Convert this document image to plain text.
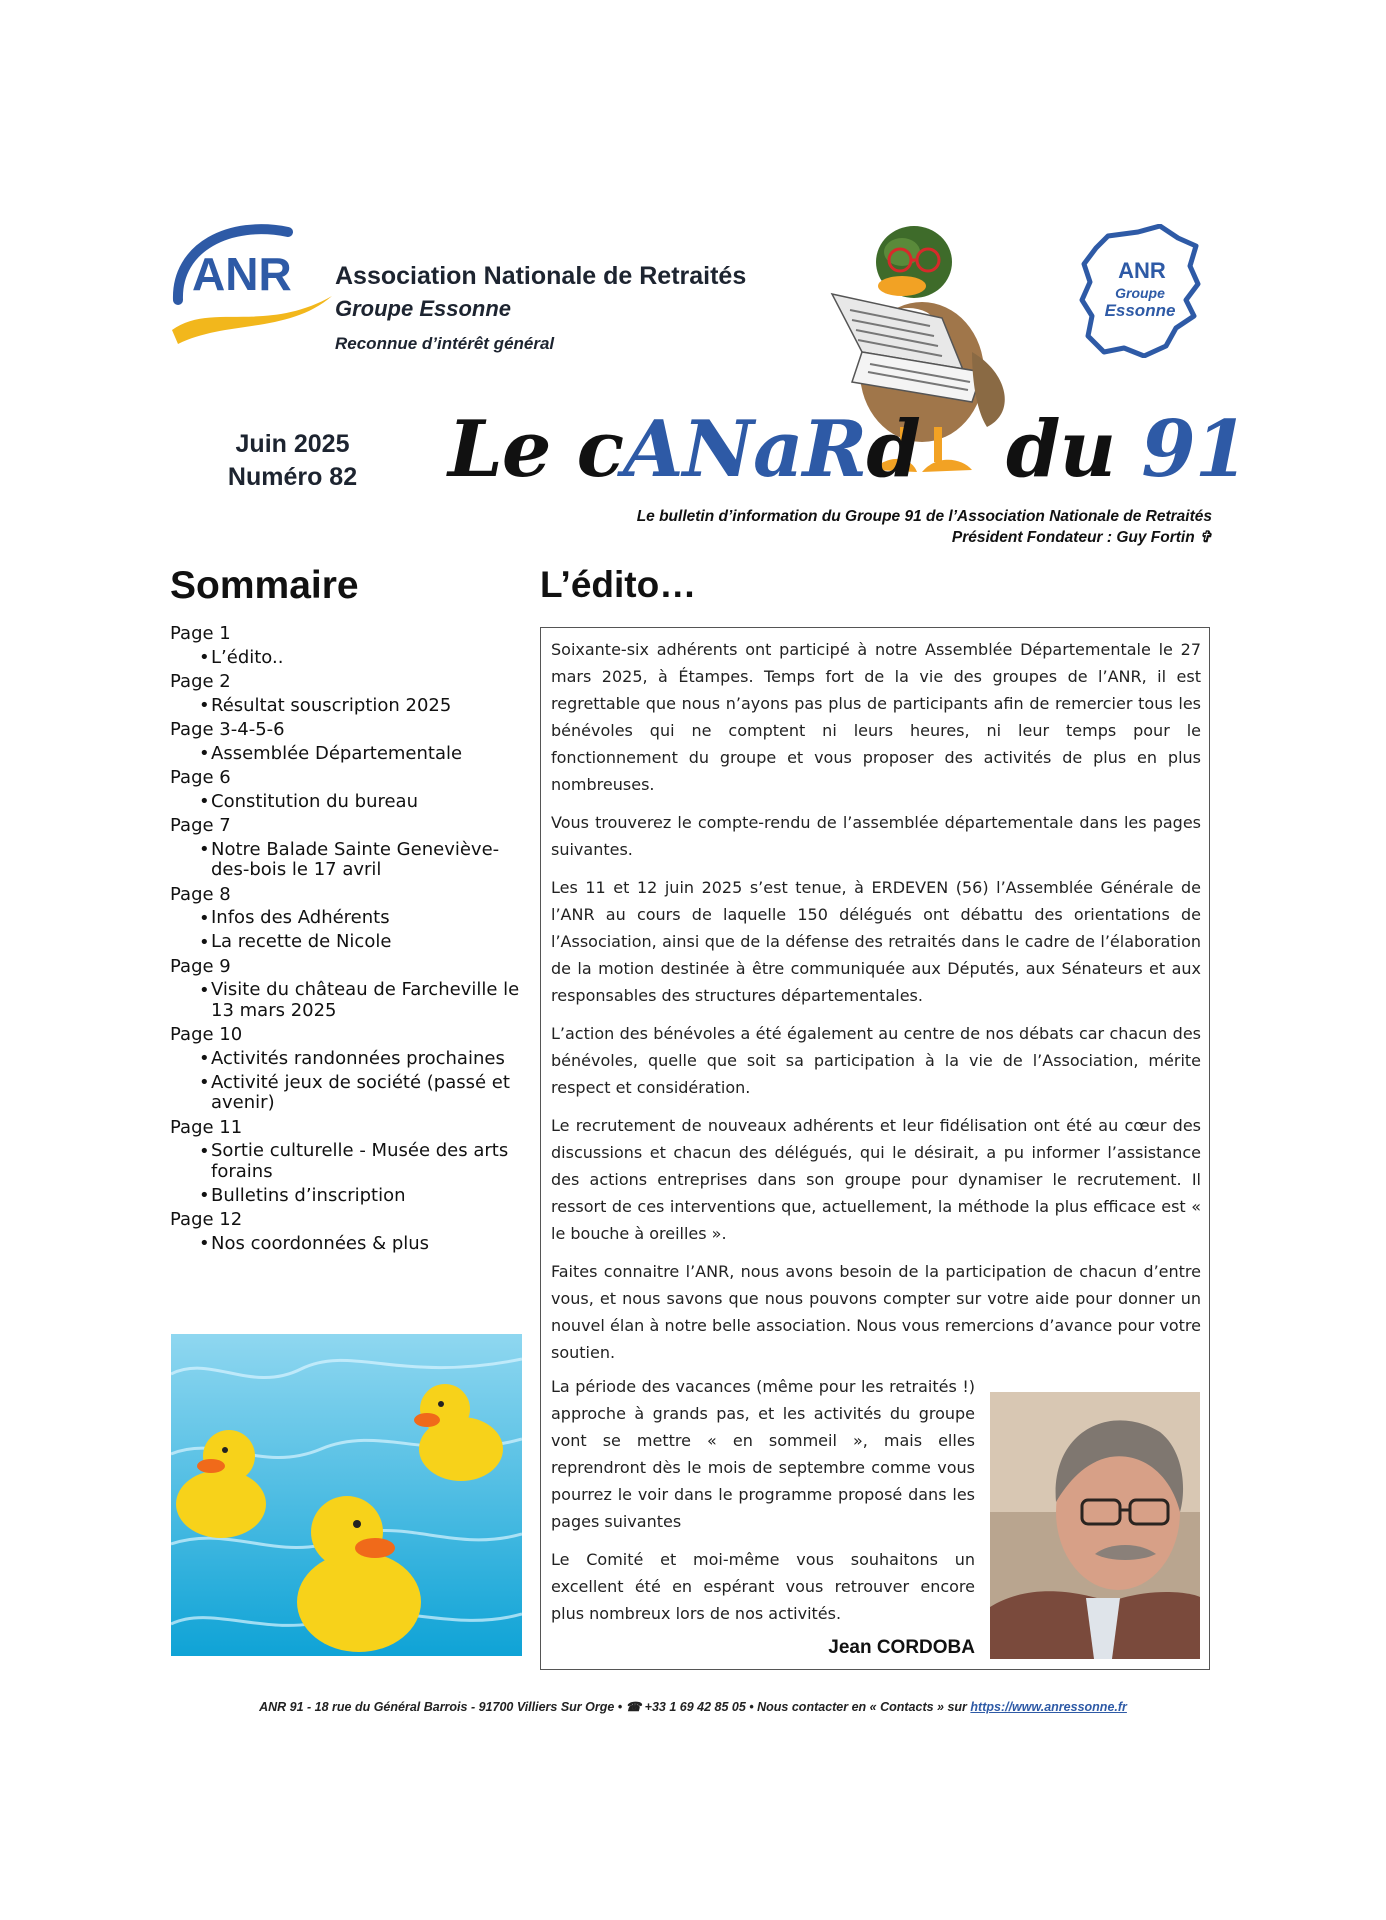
ANR Association Nationale de Retraités
Groupe Essonne
Reconnue d’intérêt général
ANR
Groupe
Essonne
Juin 2025
Numéro 82 Le cANaRd du 91
Le bulletin d’information du Groupe 91 de l’Association Nationale de Retraités
Président Fondateur : Guy Fortin ✞
Sommaire
Page 1
• L’édito..
Page 2
• Résultat souscription 2025
Page 3-4-5-6
• Assemblée Départementale
Page 6
• Constitution du bureau
Page 7
• Notre Balade Sainte Geneviève-des-bois le 17 avril
Page 8
• Infos des Adhérents
• La recette de Nicole
Page 9
• Visite du château de Farcheville le 13 mars 2025
Page 10
• Activités randonnées prochaines
• Activité jeux de société (passé et avenir)
Page 11
• Sortie culturelle - Musée des arts forains
• Bulletins d’inscription
Page 12
• Nos coordonnées & plus
L’édito…

Soixante-six adhérents ont participé à notre Assemblée Départementale le 27 mars 2025, à Étampes. Temps fort de la vie des groupes de l’ANR, il est regrettable que nous n’ayons pas plus de participants afin de remercier tous les bénévoles qui ne comptent ni leurs heures, ni leur temps pour le fonctionnement du groupe et vous proposer des activités de plus en plus nombreuses.

Vous trouverez le compte-rendu de l’assemblée départementale dans les pages suivantes.

Les 11 et 12 juin 2025 s’est tenue, à ERDEVEN (56) l’Assemblée Générale de l’ANR au cours de laquelle 150 délégués ont débattu des orientations de l’Association, ainsi que de la défense des retraités dans le cadre de l’élaboration de la motion destinée à être communiquée aux Députés, aux Sénateurs et aux responsables des structures départementales.

L’action des bénévoles a été également au centre de nos débats car chacun des bénévoles, quelle que soit sa participation à la vie de l’Association, mérite respect et considération.

Le recrutement de nouveaux adhérents et leur fidélisation ont été au cœur des discussions et chacun des délégués, qui le désirait, a pu informer l’assistance des actions entreprises dans son groupe pour dynamiser le recrutement. Il ressort de ces interventions que, actuellement, la méthode la plus efficace est « le bouche à oreilles ».

Faites connaitre l’ANR, nous avons besoin de la participation de chacun d’entre vous, et nous savons que nous pouvons compter sur votre aide pour donner un nouvel élan à notre belle association. Nous vous remercions d’avance pour votre soutien.

La période des vacances (même pour les retraités !) approche à grands pas, et les activités du groupe vont se mettre « en sommeil », mais elles reprendront dès le mois de septembre comme vous pourrez le voir dans le programme proposé dans les pages suivantes

Le Comité et moi-même vous souhaitons un excellent été en espérant vous retrouver encore plus nombreux lors de nos activités.

Jean CORDOBA
ANR 91 - 18 rue du Général Barrois - 91700 Villiers Sur Orge • ☎ +33 1 69 42 85 05 • Nous contacter en « Contacts » sur https://www.anressonne.fr
